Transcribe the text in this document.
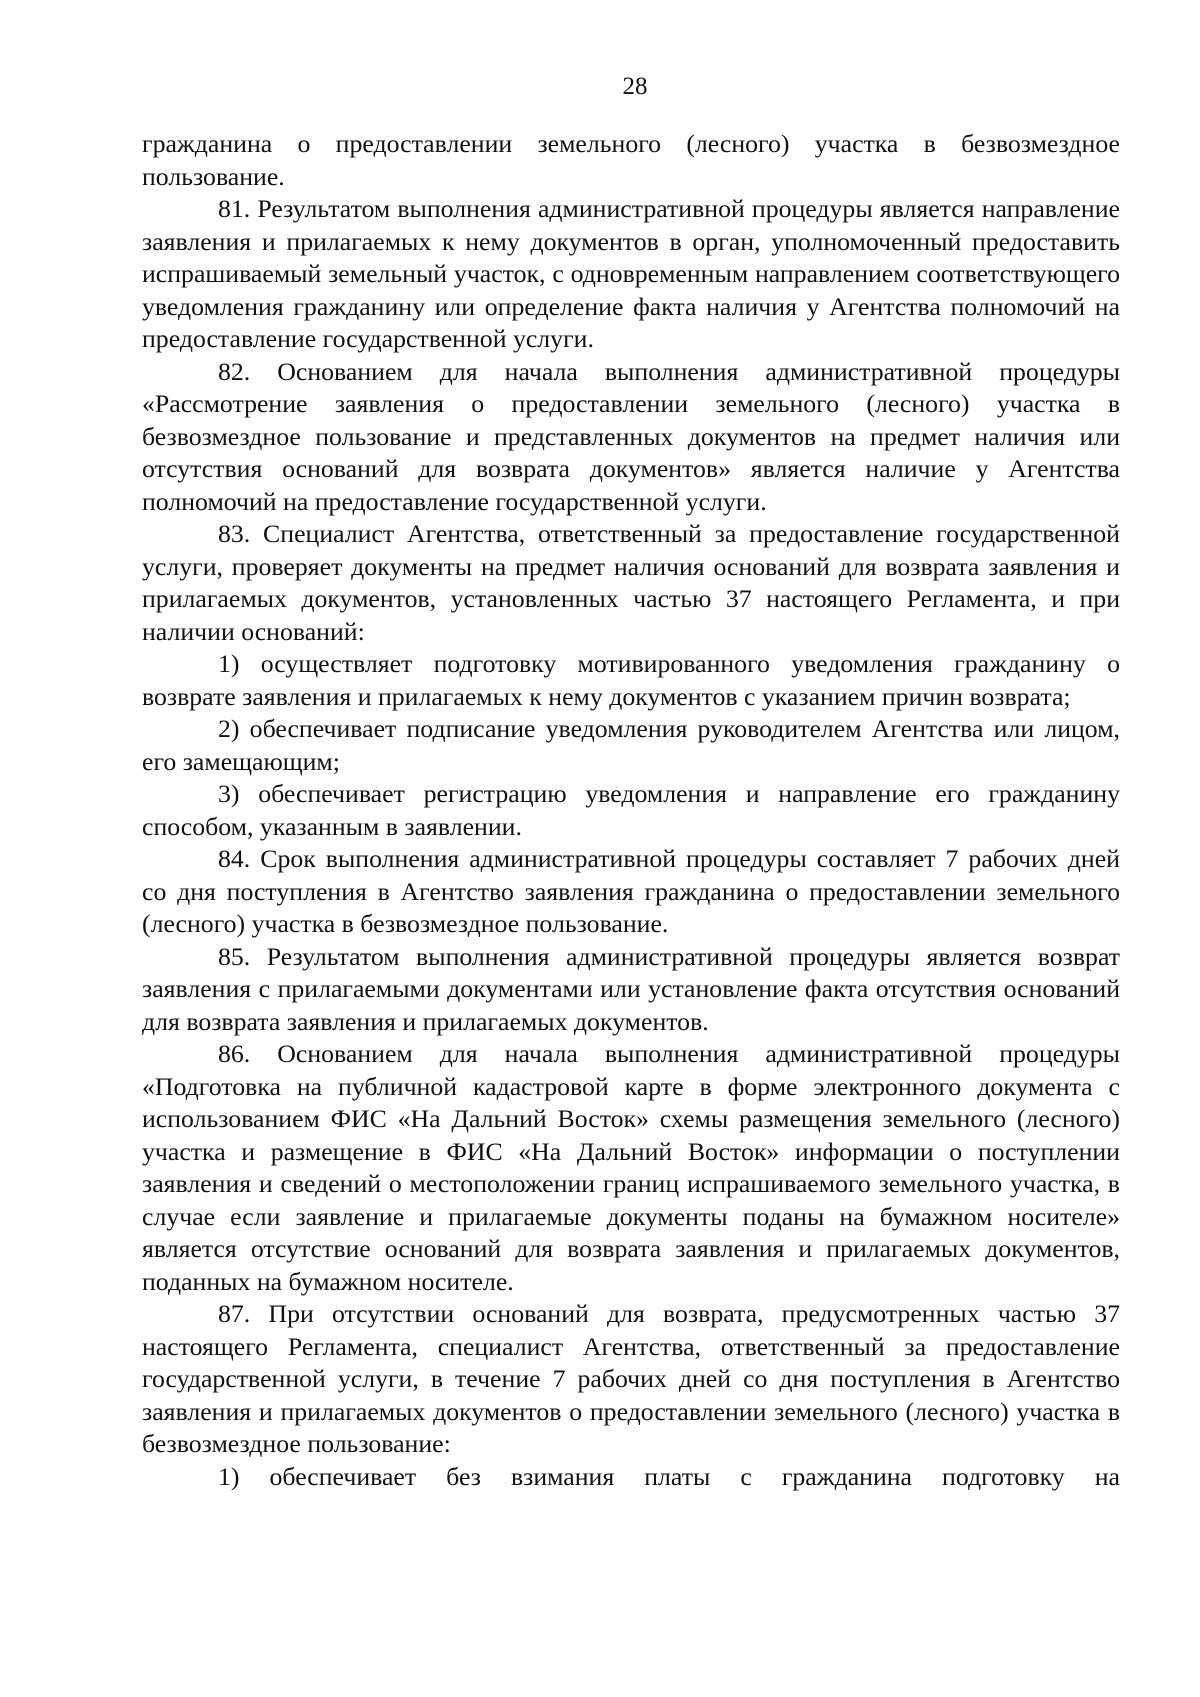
28

гражданина о предоставлении земельного (лесного) участка в безвозмездное пользование.

81. Результатом выполнения административной процедуры является направление заявления и прилагаемых к нему документов в орган, уполномоченный предоставить испрашиваемый земельный участок, с одновременным направлением соответствующего уведомления гражданину или определение факта наличия у Агентства полномочий на предоставление государственной услуги.

82. Основанием для начала выполнения административной процедуры «Рассмотрение заявления о предоставлении земельного (лесного) участка в безвозмездное пользование и представленных документов на предмет наличия или отсутствия оснований для возврата документов» является наличие у Агентства полномочий на предоставление государственной услуги.

83. Специалист Агентства, ответственный за предоставление государственной услуги, проверяет документы на предмет наличия оснований для возврата заявления и прилагаемых документов, установленных частью 37 настоящего Регламента, и при наличии оснований:

1) осуществляет подготовку мотивированного уведомления гражданину о возврате заявления и прилагаемых к нему документов с указанием причин возврата;

2) обеспечивает подписание уведомления руководителем Агентства или лицом, его замещающим;

3) обеспечивает регистрацию уведомления и направление его гражданину способом, указанным в заявлении.

84. Срок выполнения административной процедуры составляет 7 рабочих дней со дня поступления в Агентство заявления гражданина о предоставлении земельного (лесного) участка в безвозмездное пользование.

85. Результатом выполнения административной процедуры является возврат заявления с прилагаемыми документами или установление факта отсутствия оснований для возврата заявления и прилагаемых документов.

86. Основанием для начала выполнения административной процедуры «Подготовка на публичной кадастровой карте в форме электронного документа с использованием ФИС «На Дальний Восток» схемы размещения земельного (лесного) участка и размещение в ФИС «На Дальний Восток» информации о поступлении заявления и сведений о местоположении границ испрашиваемого земельного участка, в случае если заявление и прилагаемые документы поданы на бумажном носителе» является отсутствие оснований для возврата заявления и прилагаемых документов, поданных на бумажном носителе.

87. При отсутствии оснований для возврата, предусмотренных частью 37 настоящего Регламента, специалист Агентства, ответственный за предоставление государственной услуги, в течение 7 рабочих дней со дня поступления в Агентство заявления и прилагаемых документов о предоставлении земельного (лесного) участка в безвозмездное пользование:

1) обеспечивает без взимания платы с гражданина подготовку на
